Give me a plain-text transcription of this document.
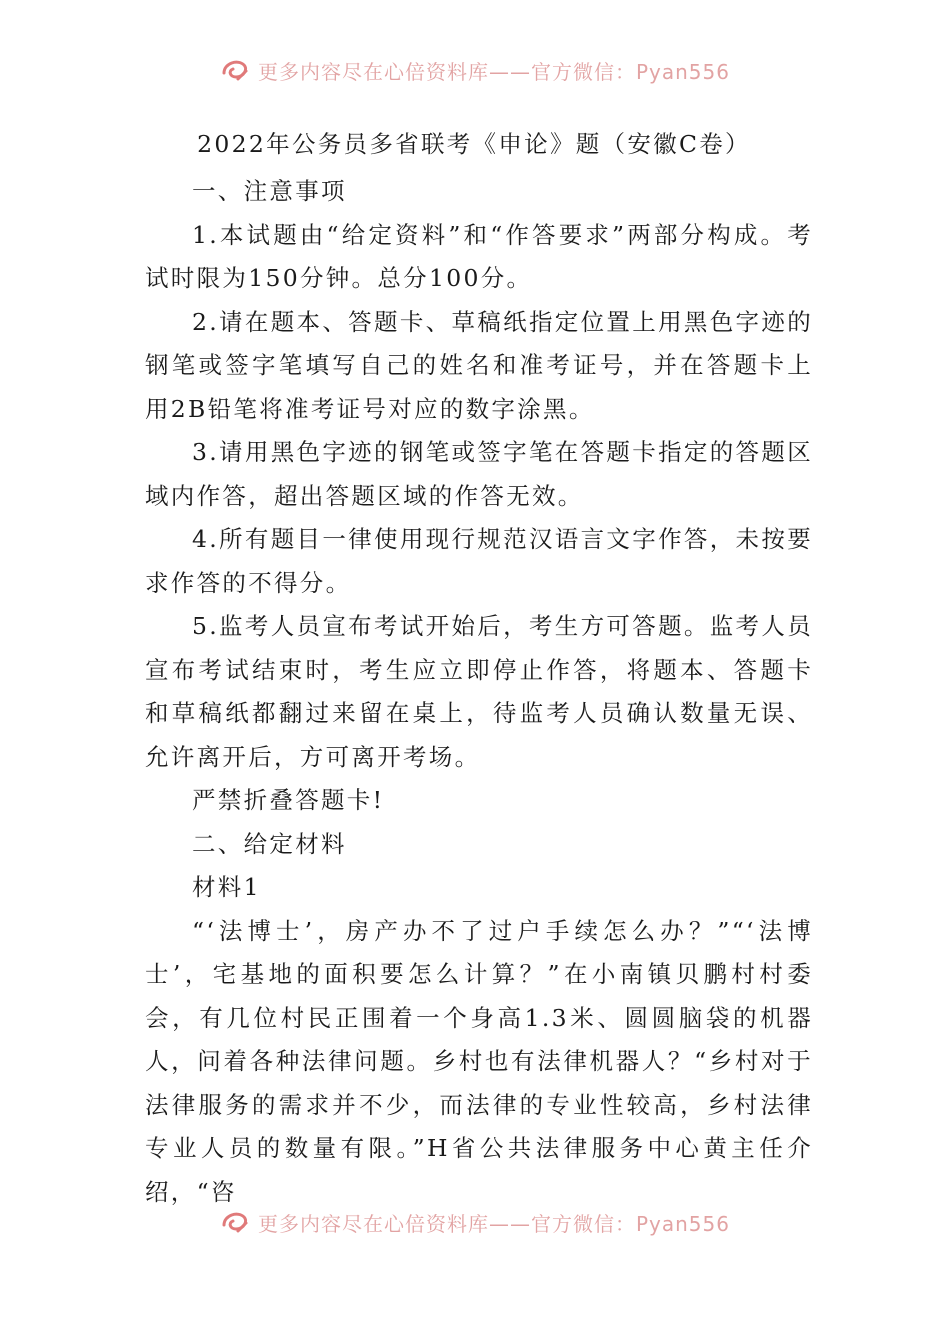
更多内容尽在心倍资料库——官方微信：Pyan556
2022年公务员多省联考《申论》题（安徽C卷）

一、注意事项

1.本试题由“给定资料”和“作答要求”两部分构成。考试时限为150分钟。总分100分。

2.请在题本、答题卡、草稿纸指定位置上用黑色字迹的钢笔或签字笔填写自己的姓名和准考证号，并在答题卡上用2B铅笔将准考证号对应的数字涂黑。

3.请用黑色字迹的钢笔或签字笔在答题卡指定的答题区域内作答，超出答题区域的作答无效。

4.所有题目一律使用现行规范汉语言文字作答，未按要求作答的不得分。

5.监考人员宣布考试开始后，考生方可答题。监考人员宣布考试结束时，考生应立即停止作答，将题本、答题卡和草稿纸都翻过来留在桌上，待监考人员确认数量无误、允许离开后，方可离开考场。

严禁折叠答题卡!

二、给定材料

材料1

“‘法博士’，房产办不了过户手续怎么办？”“‘法博士’，宅基地的面积要怎么计算？”在小南镇贝鹏村村委会，有几位村民正围着一个身高1.3米、圆圆脑袋的机器人，问着各种法律问题。乡村也有法律机器人？“乡村对于法律服务的需求并不少，而法律的专业性较高，乡村法律专业人员的数量有限。”H省公共法律服务中心黄主任介绍，“咨

更多内容尽在心倍资料库——官方微信：Pyan556
